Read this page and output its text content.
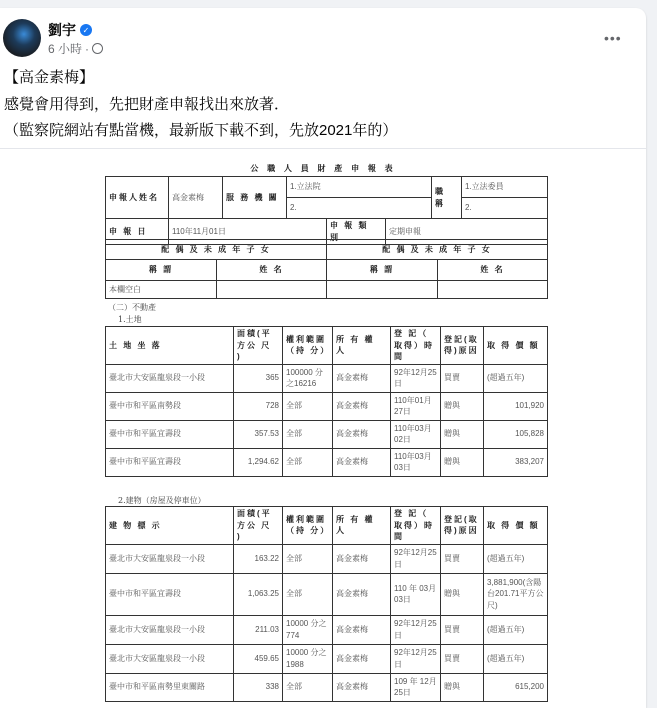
劉宇 ✓
6 小時 ·
•••
【高金素梅】
感覺會用得到，先把財產申報找出來放著．
（監察院網站有點當機，最新版下載不到，先放2021年的）
公 職 人 員 財 產 申 報 表
申報人姓名	高金素梅	服 務 機 關	1.立法院	職 稱	1.立法委員
			2.		2.
申 報 日	110年11月01日	申 報 類 別	定期申報
配 偶 及 未 成 年 子 女		配 偶 及 未 成 年 子 女	
稱 謂	姓 名	稱 謂	姓 名
本欄空白			
（二）不動產
1.土地
土 地 坐 落	面積(平方公 尺 )	權利範圍（持 分）	所 有 權 人	登 記（ 取得）時間	登記(取得)原因	取 得 價 額
臺北市大安區龍泉段一小段	365	100000 分之16216	高金素梅	92年12月25日	買賣	(超過五年)
臺中市和平區南勢段	728	全部	高金素梅	110年01月27日	贈與	101,920
臺中市和平區宜壽段	357.53	全部	高金素梅	110年03月02日	贈與	105,828
臺中市和平區宜壽段	1,294.62	全部	高金素梅	110年03月03日	贈與	383,207
2.建物（房屋及停車位）
建 物 標 示	面積(平方公 尺 )	權利範圍（持 分）	所 有 權 人	登 記（ 取得）時間	登記(取得)原因	取 得 價 額
臺北市大安區龍泉段一小段	163.22	全部	高金素梅	92年12月25日	買賣	(超過五年)
臺中市和平區宜壽段	1,063.25	全部	高金素梅	110 年 03月03日	贈與	3,881,900(含陽台201.71平方公尺)
臺北市大安區龍泉段一小段	211.03	10000 分之774	高金素梅	92年12月25日	買賣	(超過五年)
臺北市大安區龍泉段一小段	459.65	10000 分之1988	高金素梅	92年12月25日	買賣	(超過五年)
臺中市和平區南勢里東關路	338	全部	高金素梅	109 年 12月25日	贈與	615,200
